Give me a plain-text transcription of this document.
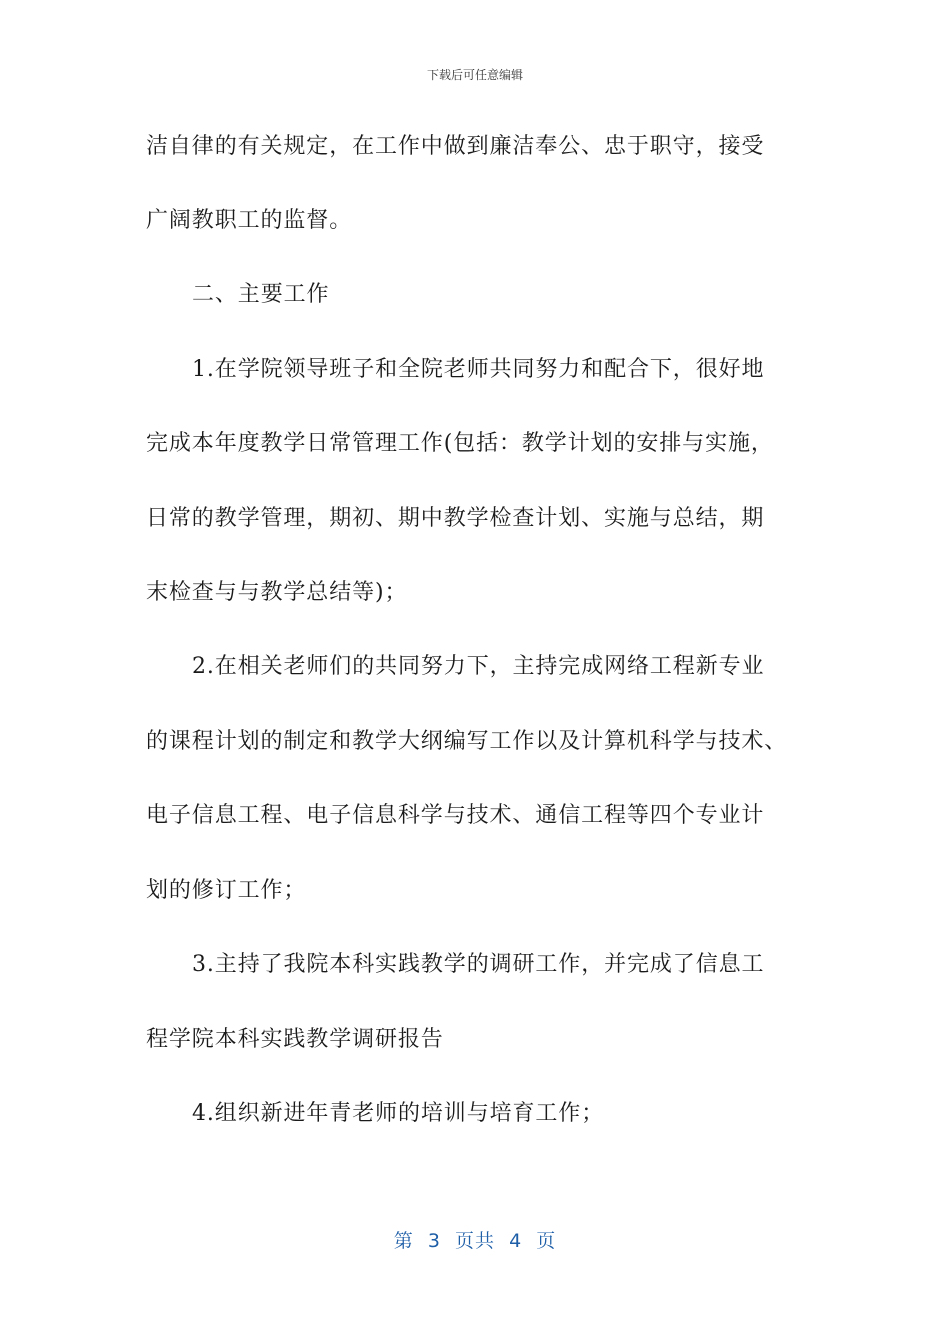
下载后可任意编辑
洁自律的有关规定，在工作中做到廉洁奉公、忠于职守，接受
广阔教职工的监督。
二、主要工作
1.在学院领导班子和全院老师共同努力和配合下，很好地
完成本年度教学日常管理工作(包括：教学计划的安排与实施，
日常的教学管理，期初、期中教学检查计划、实施与总结，期
末检查与与教学总结等)；
2.在相关老师们的共同努力下，主持完成网络工程新专业
的课程计划的制定和教学大纲编写工作以及计算机科学与技术、
电子信息工程、电子信息科学与技术、通信工程等四个专业计
划的修订工作；
3.主持了我院本科实践教学的调研工作，并完成了信息工
程学院本科实践教学调研报告
4.组织新进年青老师的培训与培育工作；
第  3  页共  4  页
